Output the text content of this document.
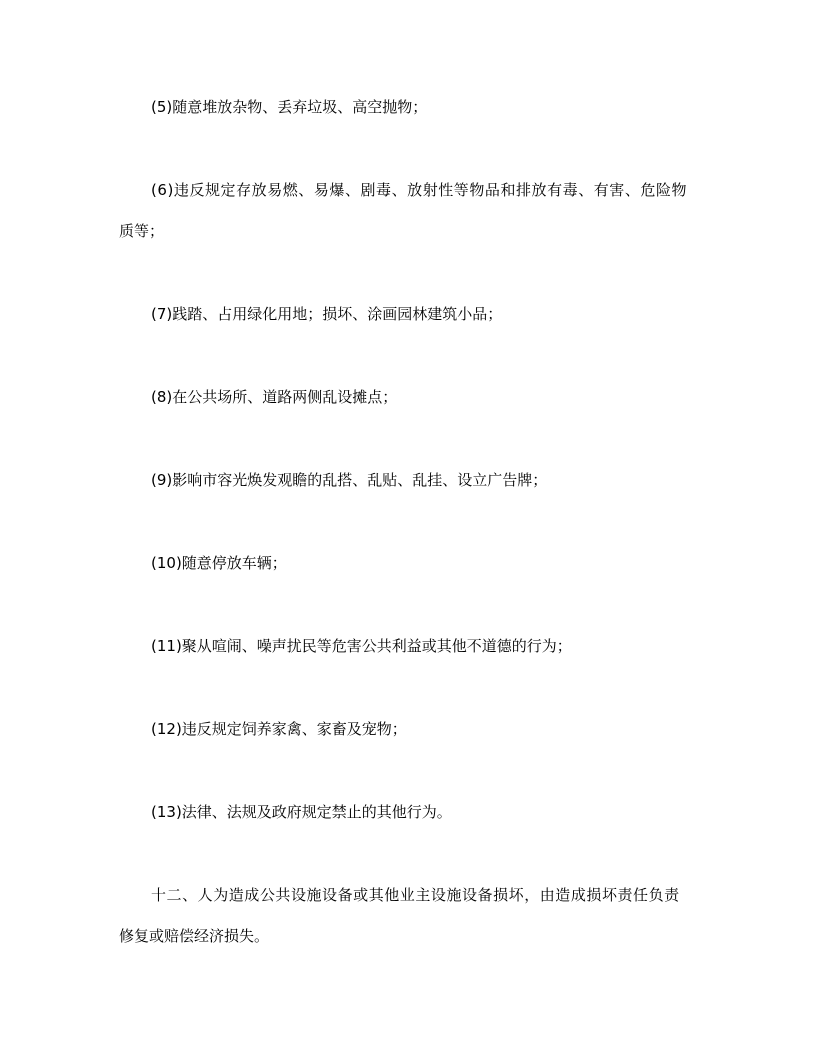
(5)随意堆放杂物、丢弃垃圾、高空抛物；
(6)违反规定存放易燃、易爆、剧毒、放射性等物品和排放有毒、有害、危险物
质等；
(7)践踏、占用绿化用地；损坏、涂画园林建筑小品；
(8)在公共场所、道路两侧乱设摊点；
(9)影响市容光焕发观瞻的乱搭、乱贴、乱挂、设立广告牌；
(10)随意停放车辆；
(11)聚从喧闹、噪声扰民等危害公共利益或其他不道德的行为；
(12)违反规定饲养家禽、家畜及宠物；
(13)法律、法规及政府规定禁止的其他行为。
十二、人为造成公共设施设备或其他业主设施设备损坏，由造成损坏责任负责
修复或赔偿经济损失。
